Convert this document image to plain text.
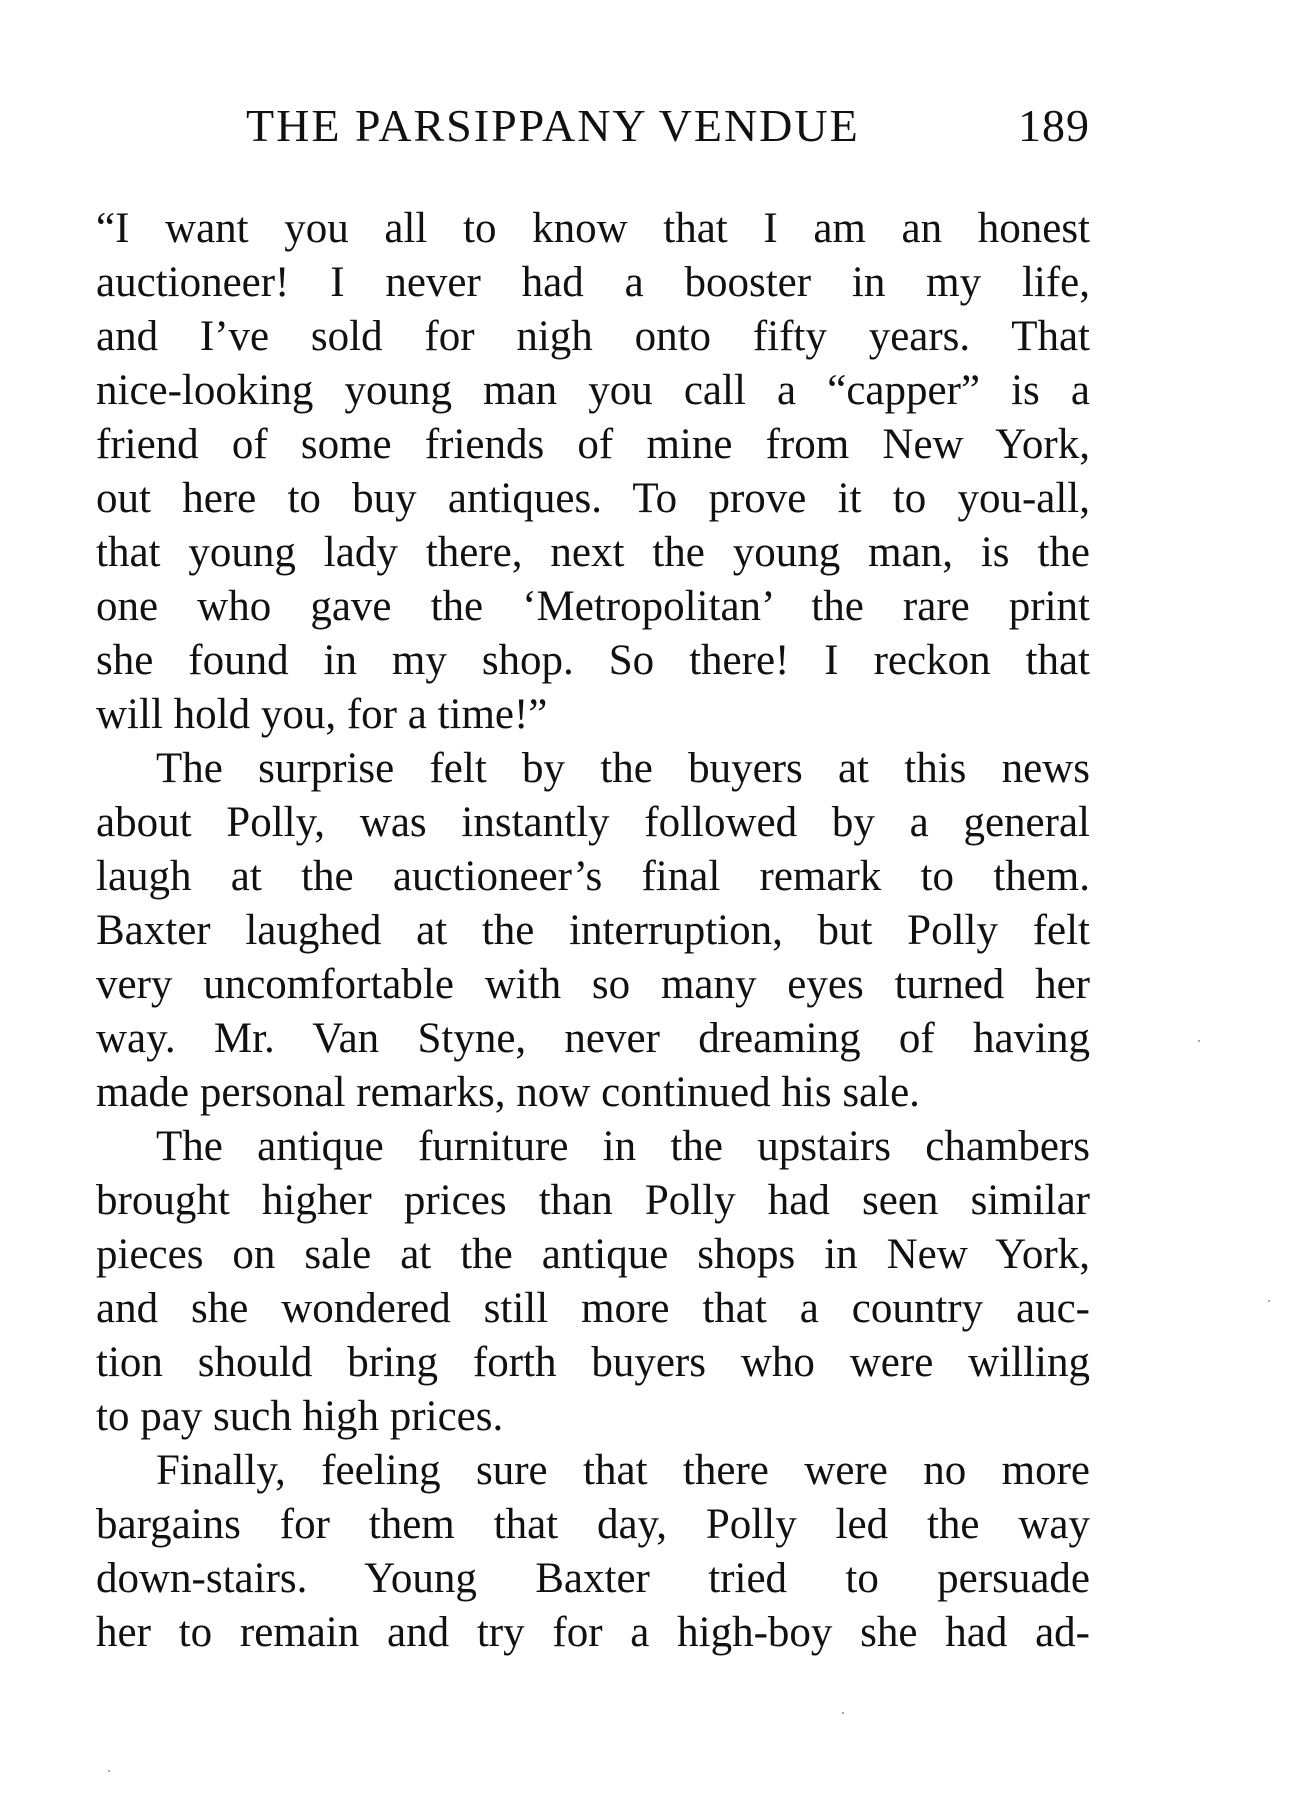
THE PARSIPPANY VENDUE	189
“I want you all to know that I am an honest
auctioneer! I never had a booster in my life,
and I’ve sold for nigh onto fifty years. That
nice-looking young man you call a “capper” is a
friend of some friends of mine from New York,
out here to buy antiques. To prove it to you-all,
that young lady there, next the young man, is the
one who gave the ‘Metropolitan’ the rare print
she found in my shop. So there! I reckon that
will hold you, for a time!”
The surprise felt by the buyers at this news
about Polly, was instantly followed by a general
laugh at the auctioneer’s final remark to them.
Baxter laughed at the interruption, but Polly felt
very uncomfortable with so many eyes turned her
way. Mr. Van Styne, never dreaming of having
made personal remarks, now continued his sale.
The antique furniture in the upstairs chambers
brought higher prices than Polly had seen similar
pieces on sale at the antique shops in New York,
and she wondered still more that a country auc-
tion should bring forth buyers who were willing
to pay such high prices.
Finally, feeling sure that there were no more
bargains for them that day, Polly led the way
down-stairs. Young Baxter tried to persuade
her to remain and try for a high-boy she had ad-
